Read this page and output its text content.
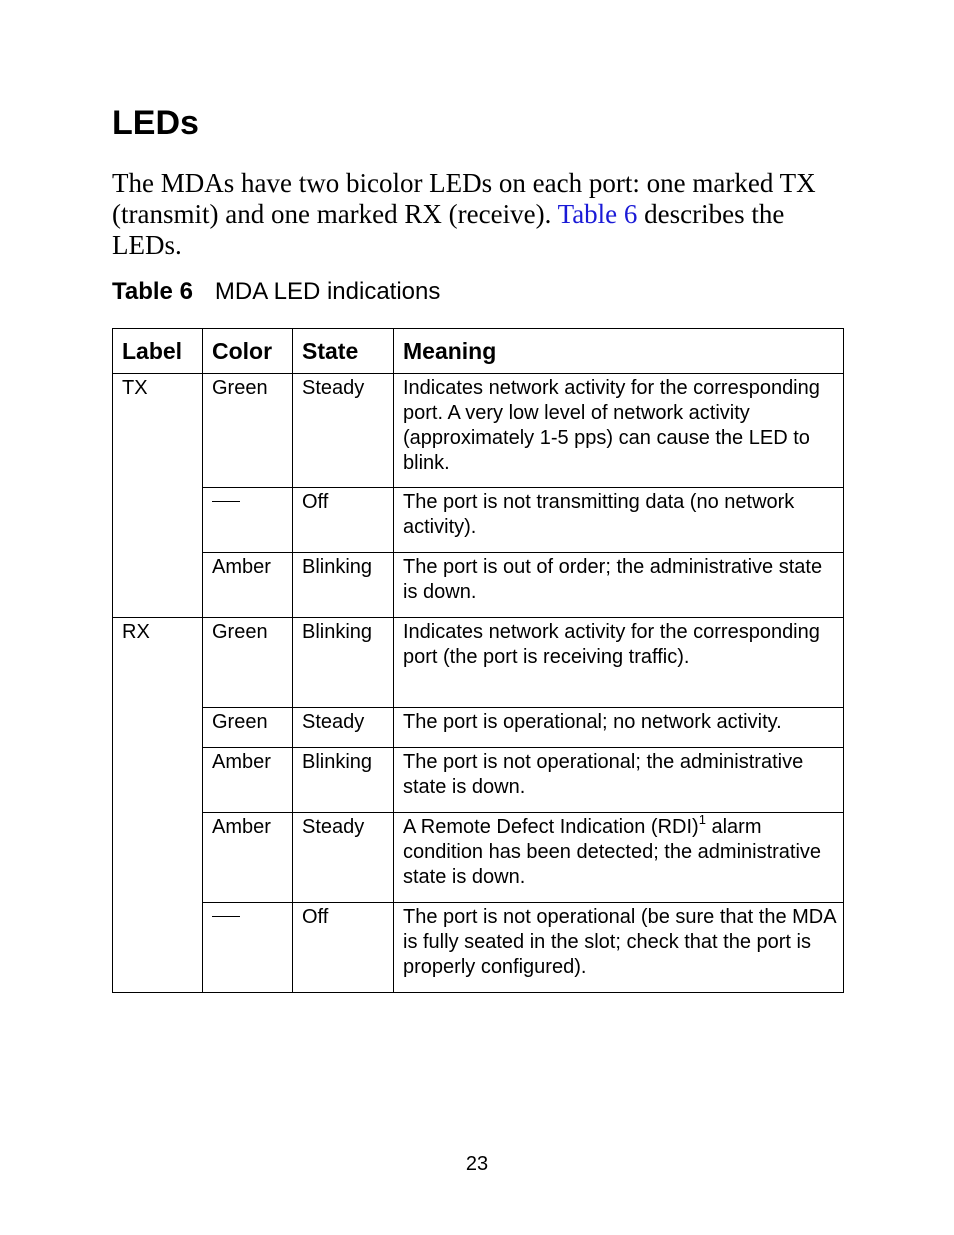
LEDs

The MDAs have two bicolor LEDs on each port: one marked TX (transmit) and one marked RX (receive). Table 6 describes the LEDs.

Table 6 MDA LED indications
Label	Color	State	Meaning
TX	Green	Steady	Indicates network activity for the corresponding port. A very low level of network activity (approximately 1-5 pps) can cause the LED to blink.
		Off	The port is not transmitting data (no network activity).
	Amber	Blinking	The port is out of order; the administrative state is down.
RX	Green	Blinking	Indicates network activity for the corresponding port (the port is receiving traffic).
	Green	Steady	The port is operational; no network activity.
	Amber	Blinking	The port is not operational; the administrative state is down.
	Amber	Steady	A Remote Defect Indication (RDI)$^1$ alarm condition has been detected; the administrative state is down.
		Off	The port is not operational (be sure that the MDA is fully seated in the slot; check that the port is properly configured).
23
